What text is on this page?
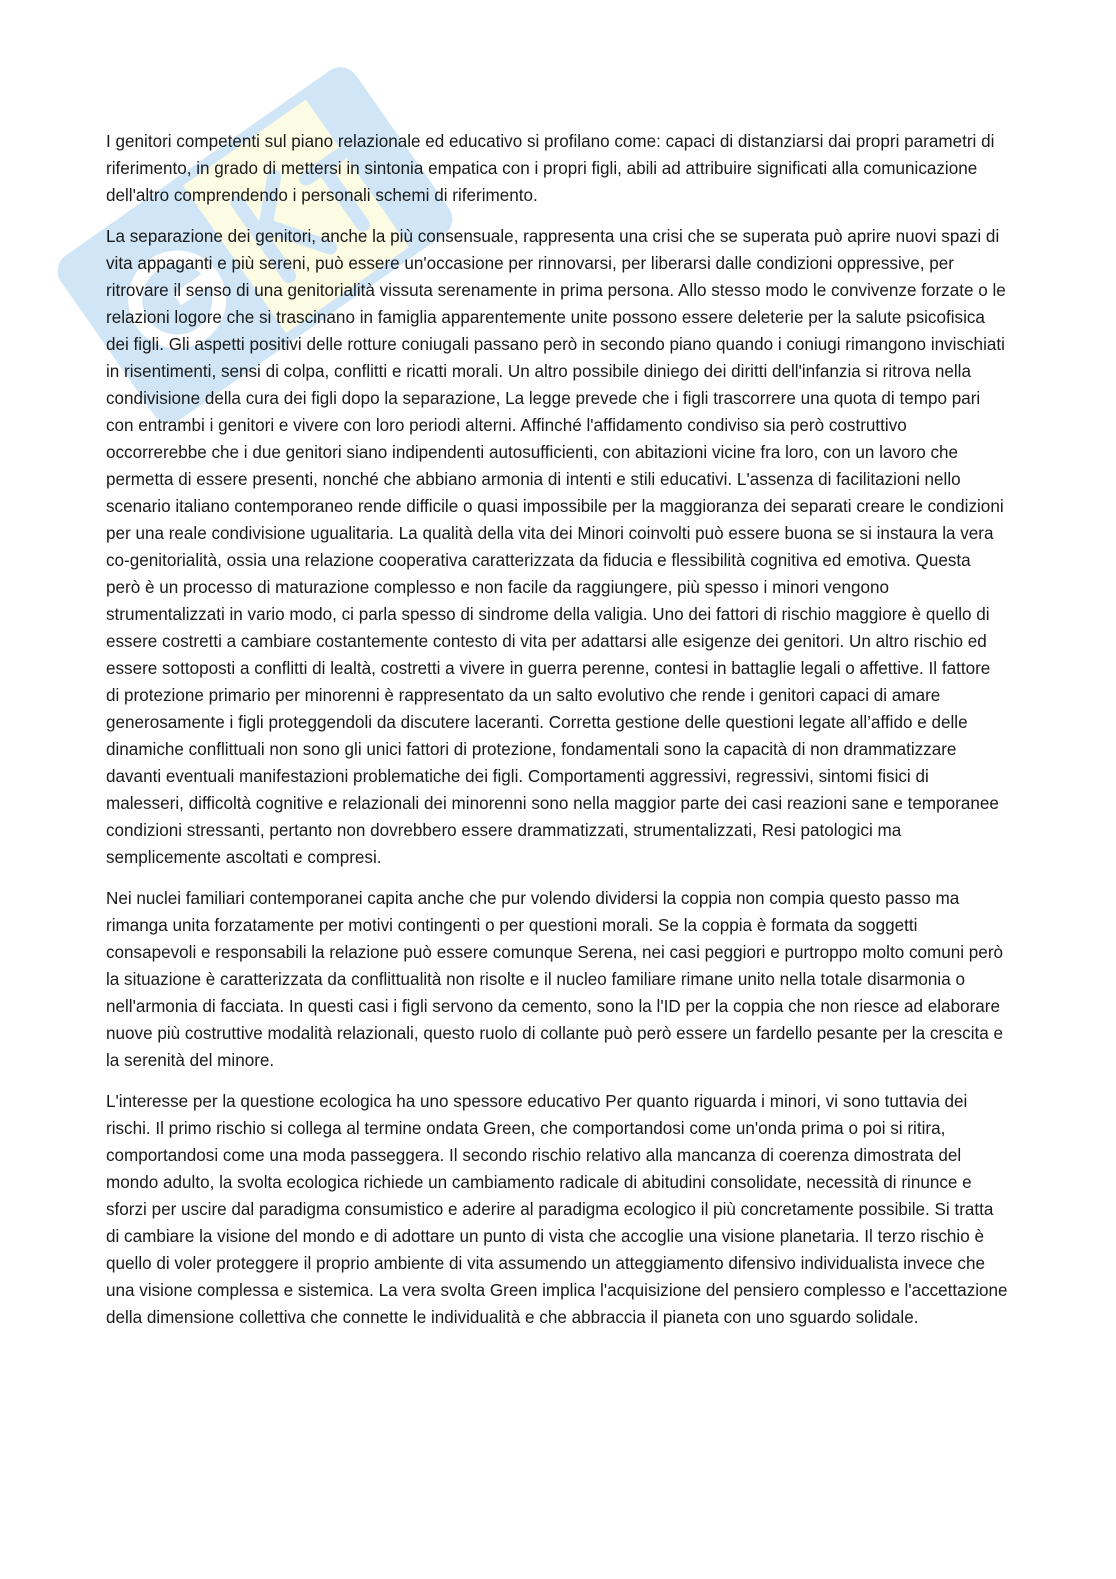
I genitori competenti sul piano relazionale ed educativo si profilano come: capaci di distanziarsi dai propri parametri di riferimento, in grado di mettersi in sintonia empatica con i propri figli, abili ad attribuire significati alla comunicazione dell'altro comprendendo i personali schemi di riferimento.

La separazione dei genitori, anche la più consensuale, rappresenta una crisi che se superata può aprire nuovi spazi di vita appaganti e più sereni, può essere un'occasione per rinnovarsi, per liberarsi dalle condizioni oppressive, per ritrovare il senso di una genitorialità vissuta serenamente in prima persona. Allo stesso modo le convivenze forzate o le relazioni logore che si trascinano in famiglia apparentemente unite possono essere deleterie per la salute psicofisica dei figli. Gli aspetti positivi delle rotture coniugali passano però in secondo piano quando i coniugi rimangono invischiati in risentimenti, sensi di colpa, conflitti e ricatti morali. Un altro possibile diniego dei diritti dell'infanzia si ritrova nella condivisione della cura dei figli dopo la separazione, La legge prevede che i figli trascorrere una quota di tempo pari con entrambi i genitori e vivere con loro periodi alterni. Affinché l'affidamento condiviso sia però costruttivo occorrerebbe che i due genitori siano indipendenti autosufficienti, con abitazioni vicine fra loro, con un lavoro che permetta di essere presenti, nonché che abbiano armonia di intenti e stili educativi. L'assenza di facilitazioni nello scenario italiano contemporaneo rende difficile o quasi impossibile per la maggioranza dei separati creare le condizioni per una reale condivisione ugualitaria. La qualità della vita dei Minori coinvolti può essere buona se si instaura la vera co-genitorialità, ossia una relazione cooperativa caratterizzata da fiducia e flessibilità cognitiva ed emotiva. Questa però è un processo di maturazione complesso e non facile da raggiungere, più spesso i minori vengono strumentalizzati in vario modo, ci parla spesso di sindrome della valigia. Uno dei fattori di rischio maggiore è quello di essere costretti a cambiare costantemente contesto di vita per adattarsi alle esigenze dei genitori. Un altro rischio ed essere sottoposti a conflitti di lealtà, costretti a vivere in guerra perenne, contesi in battaglie legali o affettive. Il fattore di protezione primario per minorenni è rappresentato da un salto evolutivo che rende i genitori capaci di amare generosamente i figli proteggendoli da discutere laceranti. Corretta gestione delle questioni legate all’affido e delle dinamiche conflittuali non sono gli unici fattori di protezione, fondamentali sono la capacità di non drammatizzare davanti eventuali manifestazioni problematiche dei figli. Comportamenti aggressivi, regressivi, sintomi fisici di malesseri, difficoltà cognitive e relazionali dei minorenni sono nella maggior parte dei casi reazioni sane e temporanee condizioni stressanti, pertanto non dovrebbero essere drammatizzati, strumentalizzati, Resi patologici ma semplicemente ascoltati e compresi.

Nei nuclei familiari contemporanei capita anche che pur volendo dividersi la coppia non compia questo passo ma rimanga unita forzatamente per motivi contingenti o per questioni morali. Se la coppia è formata da soggetti consapevoli e responsabili la relazione può essere comunque Serena, nei casi peggiori e purtroppo molto comuni però la situazione è caratterizzata da conflittualità non risolte e il nucleo familiare rimane unito nella totale disarmonia o nell'armonia di facciata. In questi casi i figli servono da cemento, sono la l'ID per la coppia che non riesce ad elaborare nuove più costruttive modalità relazionali, questo ruolo di collante può però essere un fardello pesante per la crescita e la serenità del minore.

L'interesse per la questione ecologica ha uno spessore educativo Per quanto riguarda i minori, vi sono tuttavia dei rischi. Il primo rischio si collega al termine ondata Green, che comportandosi come un'onda prima o poi si ritira, comportandosi come una moda passeggera. Il secondo rischio relativo alla mancanza di coerenza dimostrata del mondo adulto, la svolta ecologica richiede un cambiamento radicale di abitudini consolidate, necessità di rinunce e sforzi per uscire dal paradigma consumistico e aderire al paradigma ecologico il più concretamente possibile. Si tratta di cambiare la visione del mondo e di adottare un punto di vista che accoglie una visione planetaria. Il terzo rischio è quello di voler proteggere il proprio ambiente di vita assumendo un atteggiamento difensivo individualista invece che una visione complessa e sistemica. La vera svolta Green implica l'acquisizione del pensiero complesso e l'accettazione della dimensione collettiva che connette le individualità e che abbraccia il pianeta con uno sguardo solidale.
